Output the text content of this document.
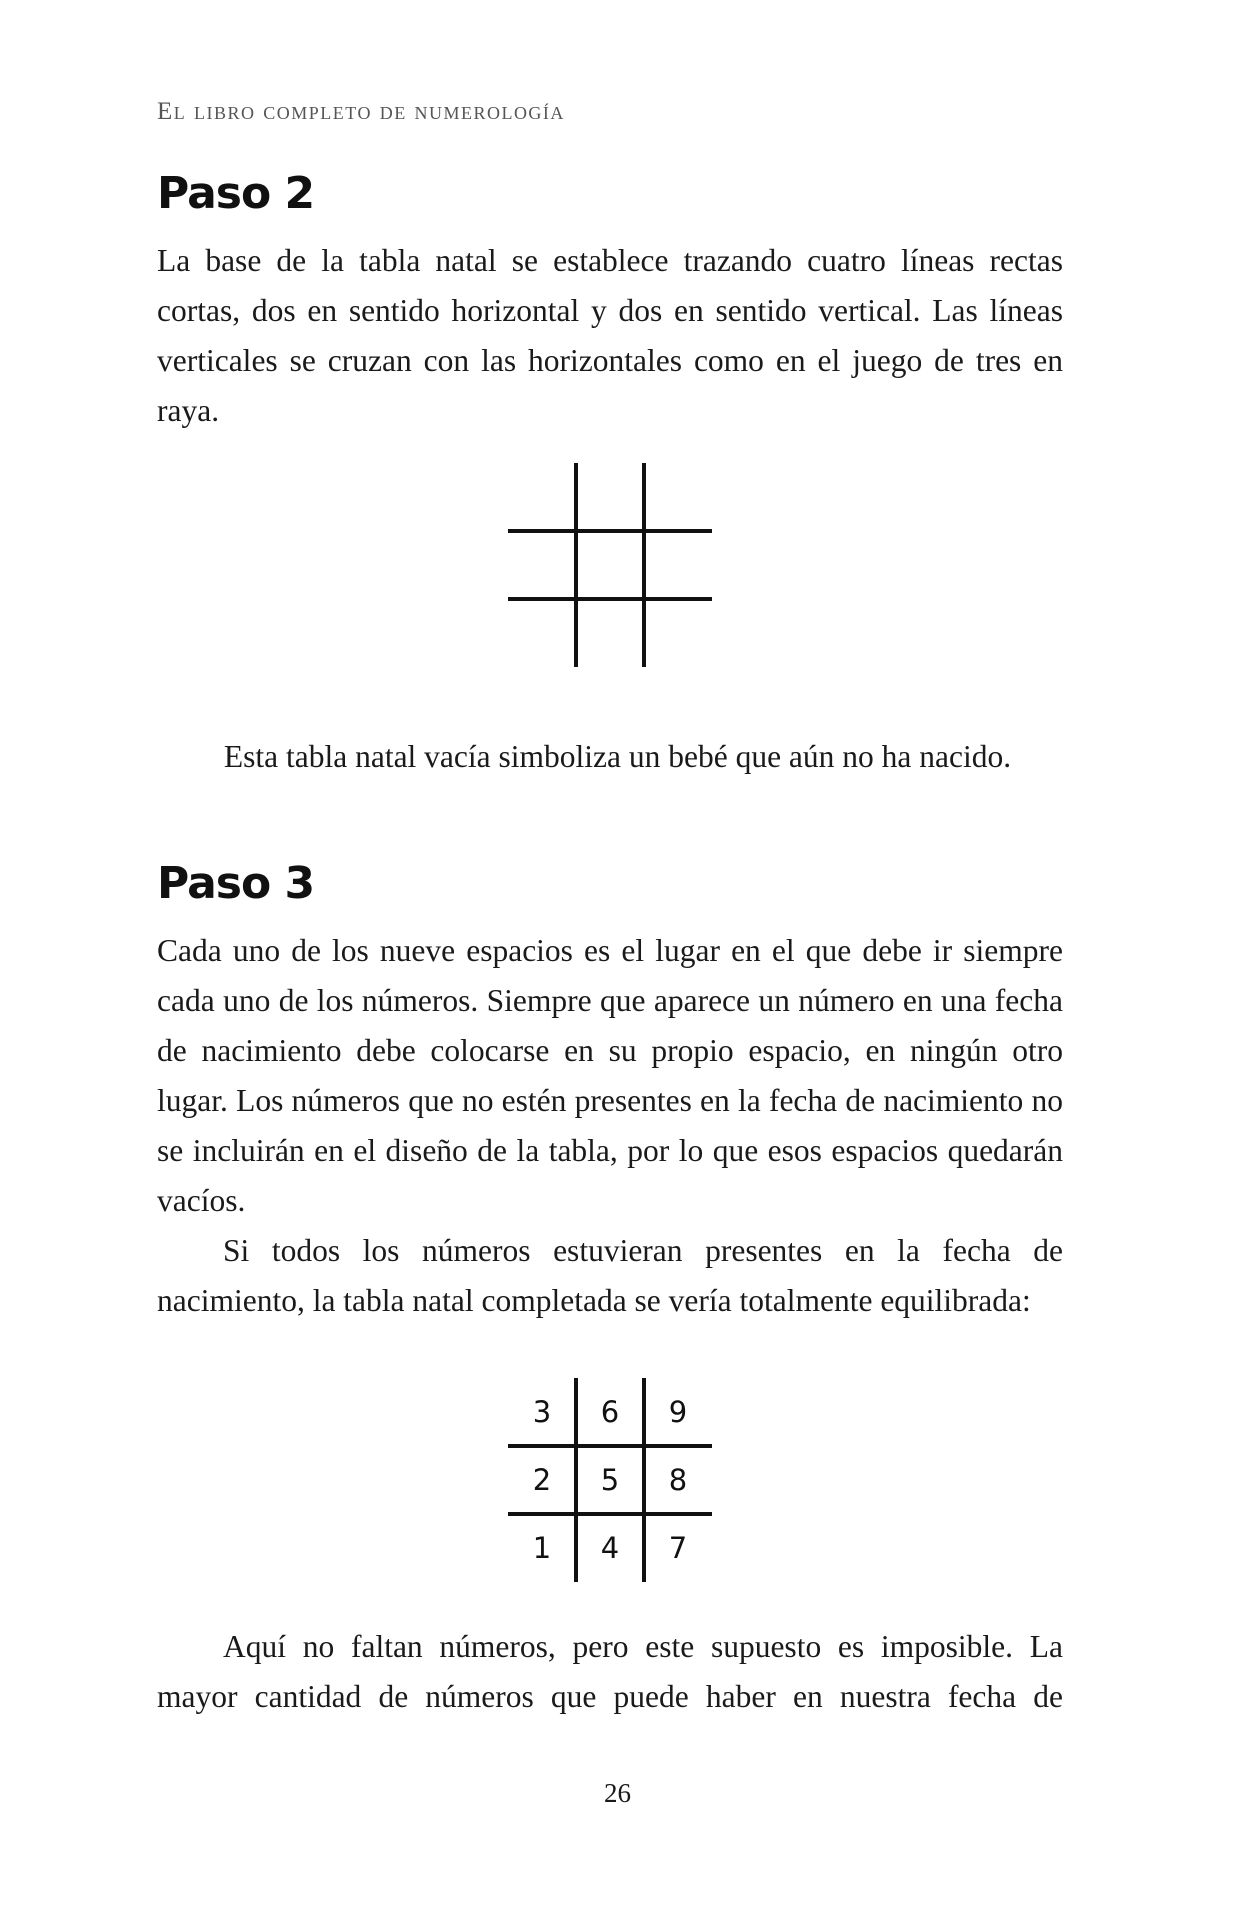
El libro completo de numerología
Paso 2

La base de la tabla natal se establece trazando cuatro líneas rectas cortas, dos en sentido horizontal y dos en sentido vertical. Las líneas verticales se cruzan con las horizontales como en el juego de tres en raya.

Esta tabla natal vacía simboliza un bebé que aún no ha nacido.

Paso 3

Cada uno de los nueve espacios es el lugar en el que debe ir siempre cada uno de los números. Siempre que aparece un número en una fecha de nacimiento debe colocarse en su propio espacio, en ningún otro lugar. Los números que no estén presentes en la fecha de nacimiento no se incluirán en el diseño de la tabla, por lo que esos espacios quedarán vacíos.

Si todos los números estuvieran presentes en la fecha de nacimiento, la tabla natal completada se vería totalmente equilibrada:

3	6	9
2	5	8
1	4	7

Aquí no faltan números, pero este supuesto es imposible. La mayor cantidad de números que puede haber en nuestra fecha de

26
